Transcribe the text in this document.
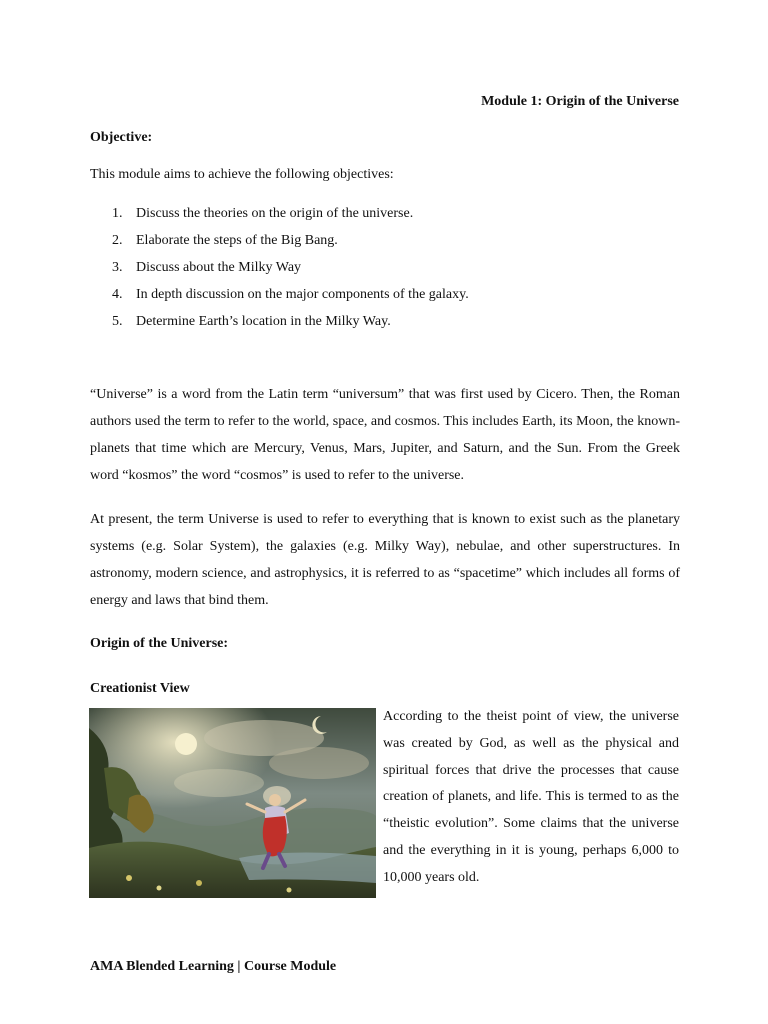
Module 1: Origin of the Universe
Objective:
This module aims to achieve the following objectives:
1. Discuss the theories on the origin of the universe.
2. Elaborate the steps of the Big Bang.
3. Discuss about the Milky Way
4. In depth discussion on the major components of the galaxy.
5. Determine Earth’s location in the Milky Way.

“Universe” is a word from the Latin term “universum” that was first used by Cicero. Then, the Roman authors used the term to refer to the world, space, and cosmos. This includes Earth, its Moon, the known-planets that time which are Mercury, Venus, Mars, Jupiter, and Saturn, and the Sun. From the Greek word “kosmos” the word “cosmos” is used to refer to the universe.

At present, the term Universe is used to refer to everything that is known to exist such as the planetary systems (e.g. Solar System), the galaxies (e.g. Milky Way), nebulae, and other superstructures. In astronomy, modern science, and astrophysics, it is referred to as “spacetime” which includes all forms of energy and laws that bind them.

Origin of the Universe:
Creationist View

According to the theist point of view, the universe was created by God, as well as the physical and spiritual forces that drive the processes that cause creation of planets, and life. This is termed to as the “theistic evolution”. Some claims that the universe and the everything in it is young, perhaps 6,000 to 10,000 years old.

AMA Blended Learning | Course Module
